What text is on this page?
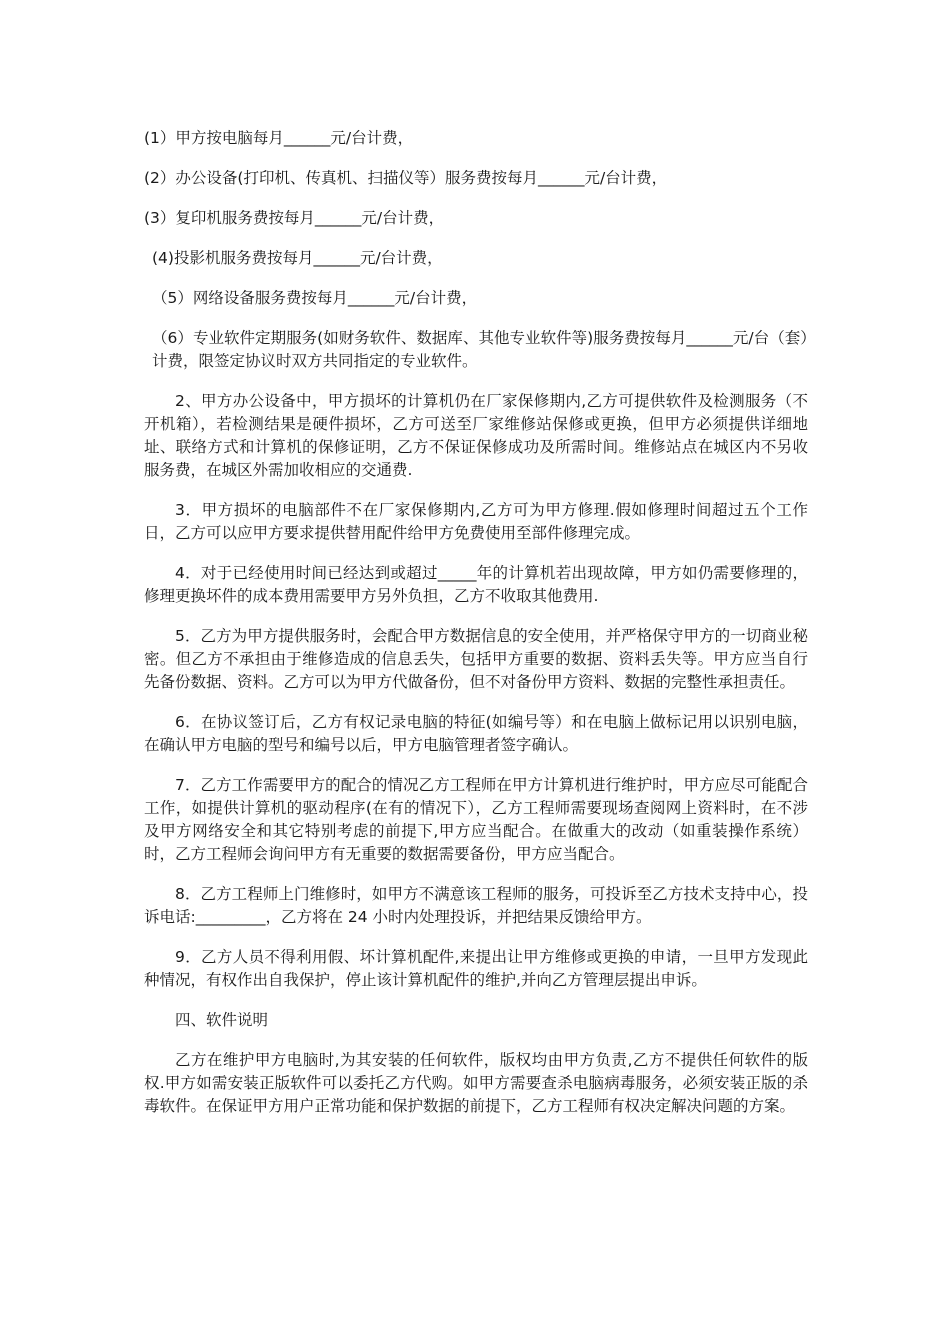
(1）甲方按电脑每月______元/台计费，

(2）办公设备(打印机、传真机、扫描仪等）服务费按每月______元/台计费，

(3）复印机服务费按每月______元/台计费，

(4)投影机服务费按每月______元/台计费，

（5）网络设备服务费按每月______元/台计费，

（6）专业软件定期服务(如财务软件、数据库、其他专业软件等)服务费按每月______元/台（套）计费，限签定协议时双方共同指定的专业软件。

2、甲方办公设备中，甲方损坏的计算机仍在厂家保修期内,乙方可提供软件及检测服务（不开机箱），若检测结果是硬件损坏，乙方可送至厂家维修站保修或更换，但甲方必须提供详细地址、联络方式和计算机的保修证明，乙方不保证保修成功及所需时间。维修站点在城区内不另收服务费，在城区外需加收相应的交通费.

3．甲方损坏的电脑部件不在厂家保修期内,乙方可为甲方修理.假如修理时间超过五个工作日，乙方可以应甲方要求提供替用配件给甲方免费使用至部件修理完成。

4．对于已经使用时间已经达到或超过_____年的计算机若出现故障，甲方如仍需要修理的，修理更换坏件的成本费用需要甲方另外负担，乙方不收取其他费用.

5．乙方为甲方提供服务时，会配合甲方数据信息的安全使用，并严格保守甲方的一切商业秘密。但乙方不承担由于维修造成的信息丢失，包括甲方重要的数据、资料丢失等。甲方应当自行先备份数据、资料。乙方可以为甲方代做备份，但不对备份甲方资料、数据的完整性承担责任。

6．在协议签订后，乙方有权记录电脑的特征(如编号等）和在电脑上做标记用以识别电脑，在确认甲方电脑的型号和编号以后，甲方电脑管理者签字确认。

7．乙方工作需要甲方的配合的情况乙方工程师在甲方计算机进行维护时，甲方应尽可能配合工作，如提供计算机的驱动程序(在有的情况下），乙方工程师需要现场查阅网上资料时，在不涉及甲方网络安全和其它特别考虑的前提下,甲方应当配合。在做重大的改动（如重装操作系统）时，乙方工程师会询问甲方有无重要的数据需要备份，甲方应当配合。

8．乙方工程师上门维修时，如甲方不满意该工程师的服务，可投诉至乙方技术支持中心，投诉电话:_________，乙方将在 24 小时内处理投诉，并把结果反馈给甲方。

9．乙方人员不得利用假、坏计算机配件,来提出让甲方维修或更换的申请，一旦甲方发现此种情况，有权作出自我保护，停止该计算机配件的维护,并向乙方管理层提出申诉。

四、软件说明

乙方在维护甲方电脑时,为其安装的任何软件，版权均由甲方负责,乙方不提供任何软件的版权.甲方如需安装正版软件可以委托乙方代购。如甲方需要查杀电脑病毒服务，必须安装正版的杀毒软件。在保证甲方用户正常功能和保护数据的前提下，乙方工程师有权决定解决问题的方案。
